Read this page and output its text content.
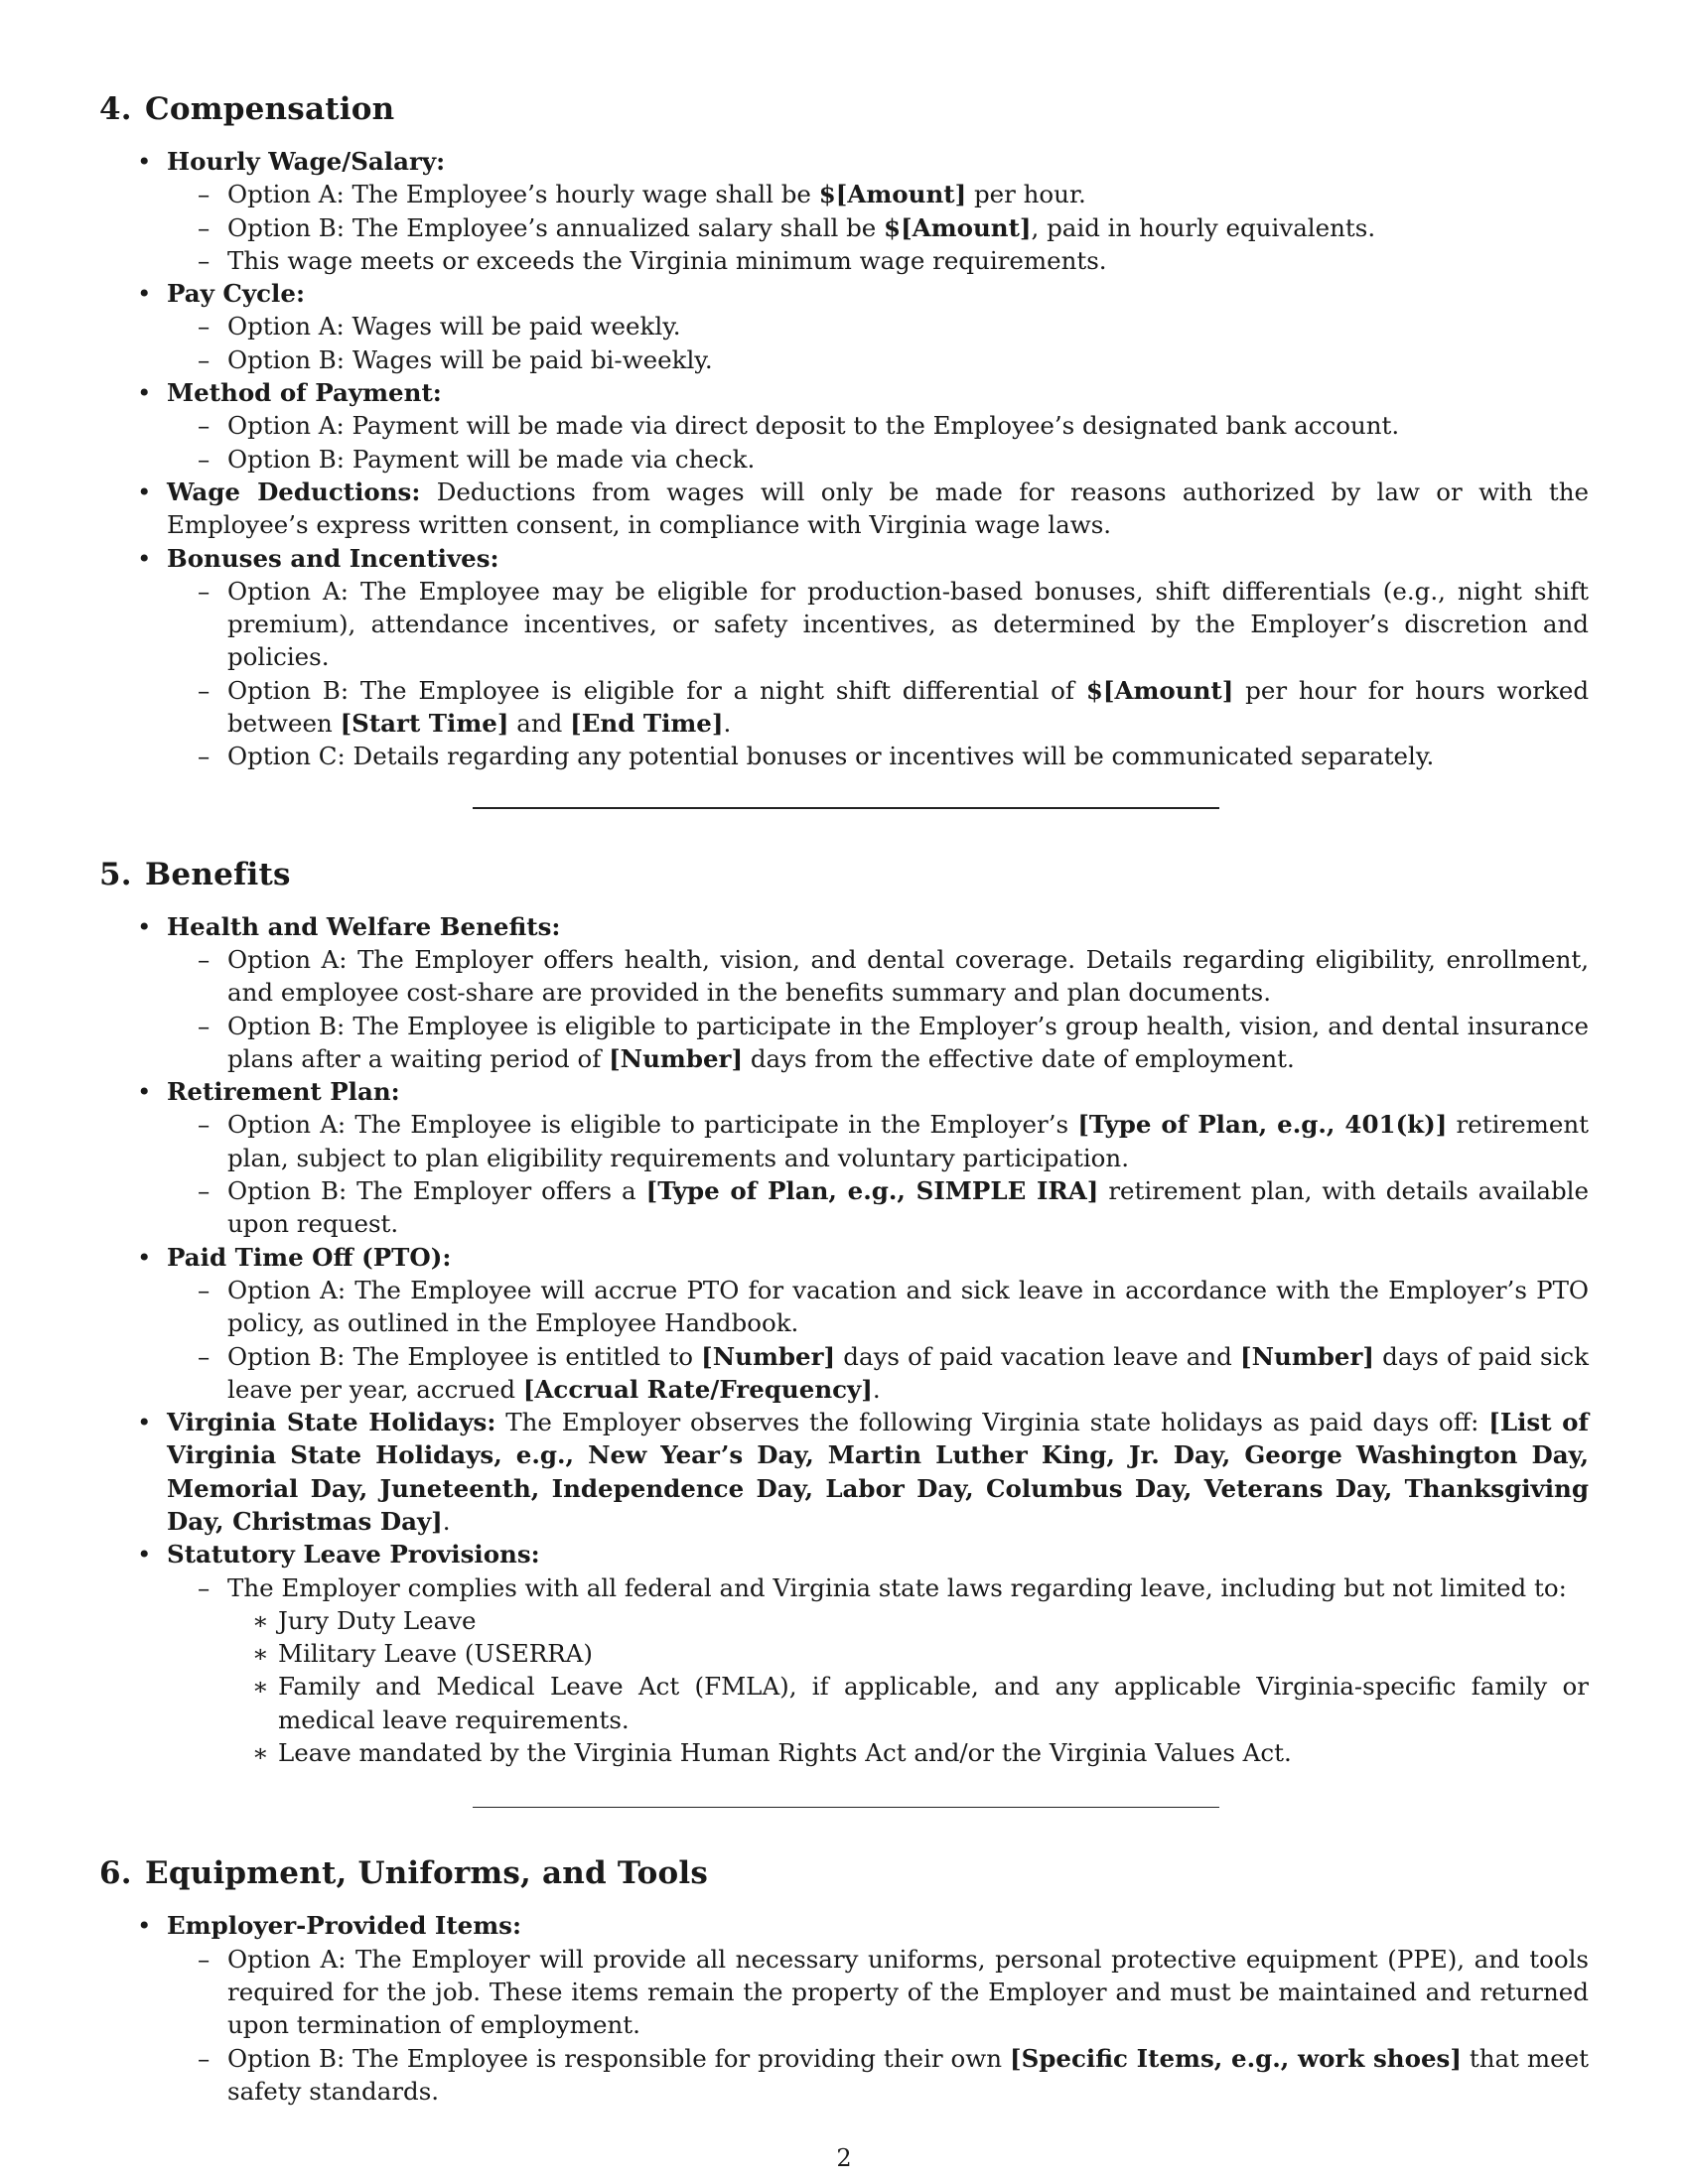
4. Compensation
• Hourly Wage/Salary:
– Option A: The Employee’s hourly wage shall be $[Amount] per hour.
– Option B: The Employee’s annualized salary shall be $[Amount], paid in hourly equivalents.
– This wage meets or exceeds the Virginia minimum wage requirements.
• Pay Cycle:
– Option A: Wages will be paid weekly.
– Option B: Wages will be paid bi-weekly.
• Method of Payment:
– Option A: Payment will be made via direct deposit to the Employee’s designated bank account.
– Option B: Payment will be made via check.
• Wage Deductions: Deductions from wages will only be made for reasons authorized by law or with the Employee’s express written consent, in compliance with Virginia wage laws.
• Bonuses and Incentives:
– Option A: The Employee may be eligible for production-based bonuses, shift differentials (e.g., night shift premium), attendance incentives, or safety incentives, as determined by the Employer’s discretion and policies.
– Option B: The Employee is eligible for a night shift differential of $[Amount] per hour for hours worked between [Start Time] and [End Time].
– Option C: Details regarding any potential bonuses or incentives will be communicated separately.
5. Benefits
• Health and Welfare Benefits:
– Option A: The Employer offers health, vision, and dental coverage. Details regarding eligibility, enrollment, and employee cost-share are provided in the benefits summary and plan documents.
– Option B: The Employee is eligible to participate in the Employer’s group health, vision, and dental insurance plans after a waiting period of [Number] days from the effective date of employment.
• Retirement Plan:
– Option A: The Employee is eligible to participate in the Employer’s [Type of Plan, e.g., 401(k)] retirement plan, subject to plan eligibility requirements and voluntary participation.
– Option B: The Employer offers a [Type of Plan, e.g., SIMPLE IRA] retirement plan, with details available upon request.
• Paid Time Off (PTO):
– Option A: The Employee will accrue PTO for vacation and sick leave in accordance with the Employer’s PTO policy, as outlined in the Employee Handbook.
– Option B: The Employee is entitled to [Number] days of paid vacation leave and [Number] days of paid sick leave per year, accrued [Accrual Rate/Frequency].
• Virginia State Holidays: The Employer observes the following Virginia state holidays as paid days off: [List of Virginia State Holidays, e.g., New Year’s Day, Martin Luther King, Jr. Day, George Washington Day, Memorial Day, Juneteenth, Independence Day, Labor Day, Columbus Day, Veterans Day, Thanksgiving Day, Christmas Day].
• Statutory Leave Provisions:
– The Employer complies with all federal and Virginia state laws regarding leave, including but not limited to:
∗ Jury Duty Leave
∗ Military Leave (USERRA)
∗ Family and Medical Leave Act (FMLA), if applicable, and any applicable Virginia-specific family or medical leave requirements.
∗ Leave mandated by the Virginia Human Rights Act and/or the Virginia Values Act.
6. Equipment, Uniforms, and Tools
• Employer-Provided Items:
– Option A: The Employer will provide all necessary uniforms, personal protective equipment (PPE), and tools required for the job. These items remain the property of the Employer and must be maintained and returned upon termination of employment.
– Option B: The Employee is responsible for providing their own [Specific Items, e.g., work shoes] that meet safety standards.
2
